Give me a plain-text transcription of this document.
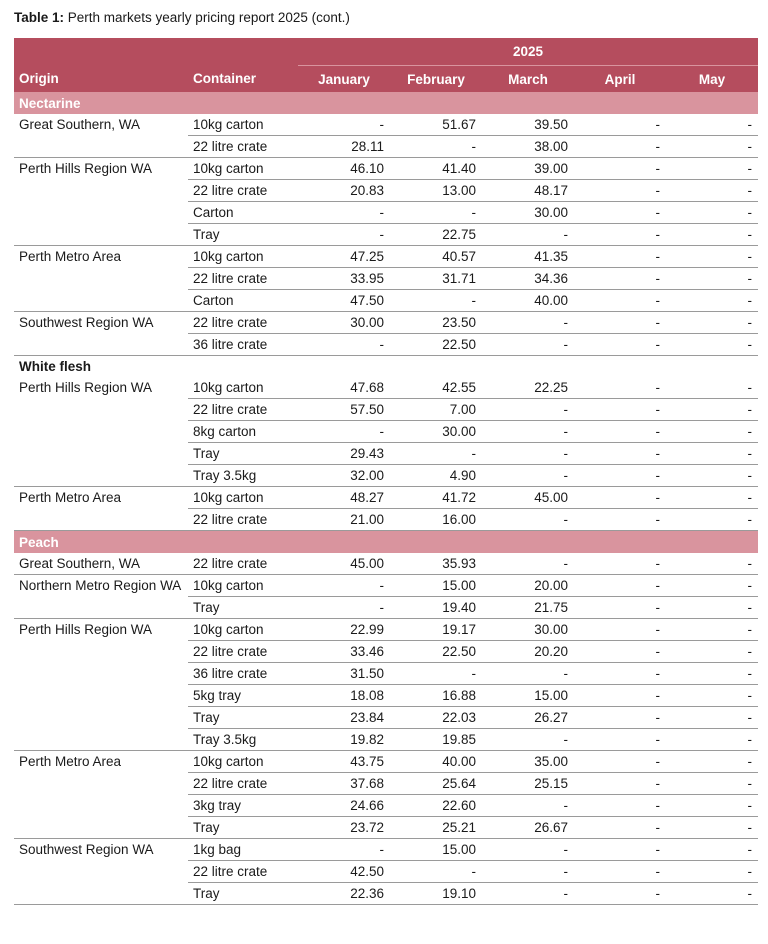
Table 1: Perth markets yearly pricing report 2025 (cont.)
		2025				
Origin	Container	January	February	March	April	May
Nectarine						
Great Southern, WA	10kg carton	-	51.67	39.50	-	-
	22 litre crate	28.11	-	38.00	-	-
Perth Hills Region WA	10kg carton	46.10	41.40	39.00	-	-
	22 litre crate	20.83	13.00	48.17	-	-
	Carton	-	-	30.00	-	-
	Tray	-	22.75	-	-	-
Perth Metro Area	10kg carton	47.25	40.57	41.35	-	-
	22 litre crate	33.95	31.71	34.36	-	-
	Carton	47.50	-	40.00	-	-
Southwest Region WA	22 litre crate	30.00	23.50	-	-	-
	36 litre crate	-	22.50	-	-	-
White flesh						
Perth Hills Region WA	10kg carton	47.68	42.55	22.25	-	-
	22 litre crate	57.50	7.00	-	-	-
	8kg carton	-	30.00	-	-	-
	Tray	29.43	-	-	-	-
	Tray 3.5kg	32.00	4.90	-	-	-
Perth Metro Area	10kg carton	48.27	41.72	45.00	-	-
	22 litre crate	21.00	16.00	-	-	-
Peach						
Great Southern, WA	22 litre crate	45.00	35.93	-	-	-
Northern Metro Region WA	10kg carton	-	15.00	20.00	-	-
	Tray	-	19.40	21.75	-	-
Perth Hills Region WA	10kg carton	22.99	19.17	30.00	-	-
	22 litre crate	33.46	22.50	20.20	-	-
	36 litre crate	31.50	-	-	-	-
	5kg tray	18.08	16.88	15.00	-	-
	Tray	23.84	22.03	26.27	-	-
	Tray 3.5kg	19.82	19.85	-	-	-
Perth Metro Area	10kg carton	43.75	40.00	35.00	-	-
	22 litre crate	37.68	25.64	25.15	-	-
	3kg tray	24.66	22.60	-	-	-
	Tray	23.72	25.21	26.67	-	-
Southwest Region WA	1kg bag	-	15.00	-	-	-
	22 litre crate	42.50	-	-	-	-
	Tray	22.36	19.10	-	-	-
